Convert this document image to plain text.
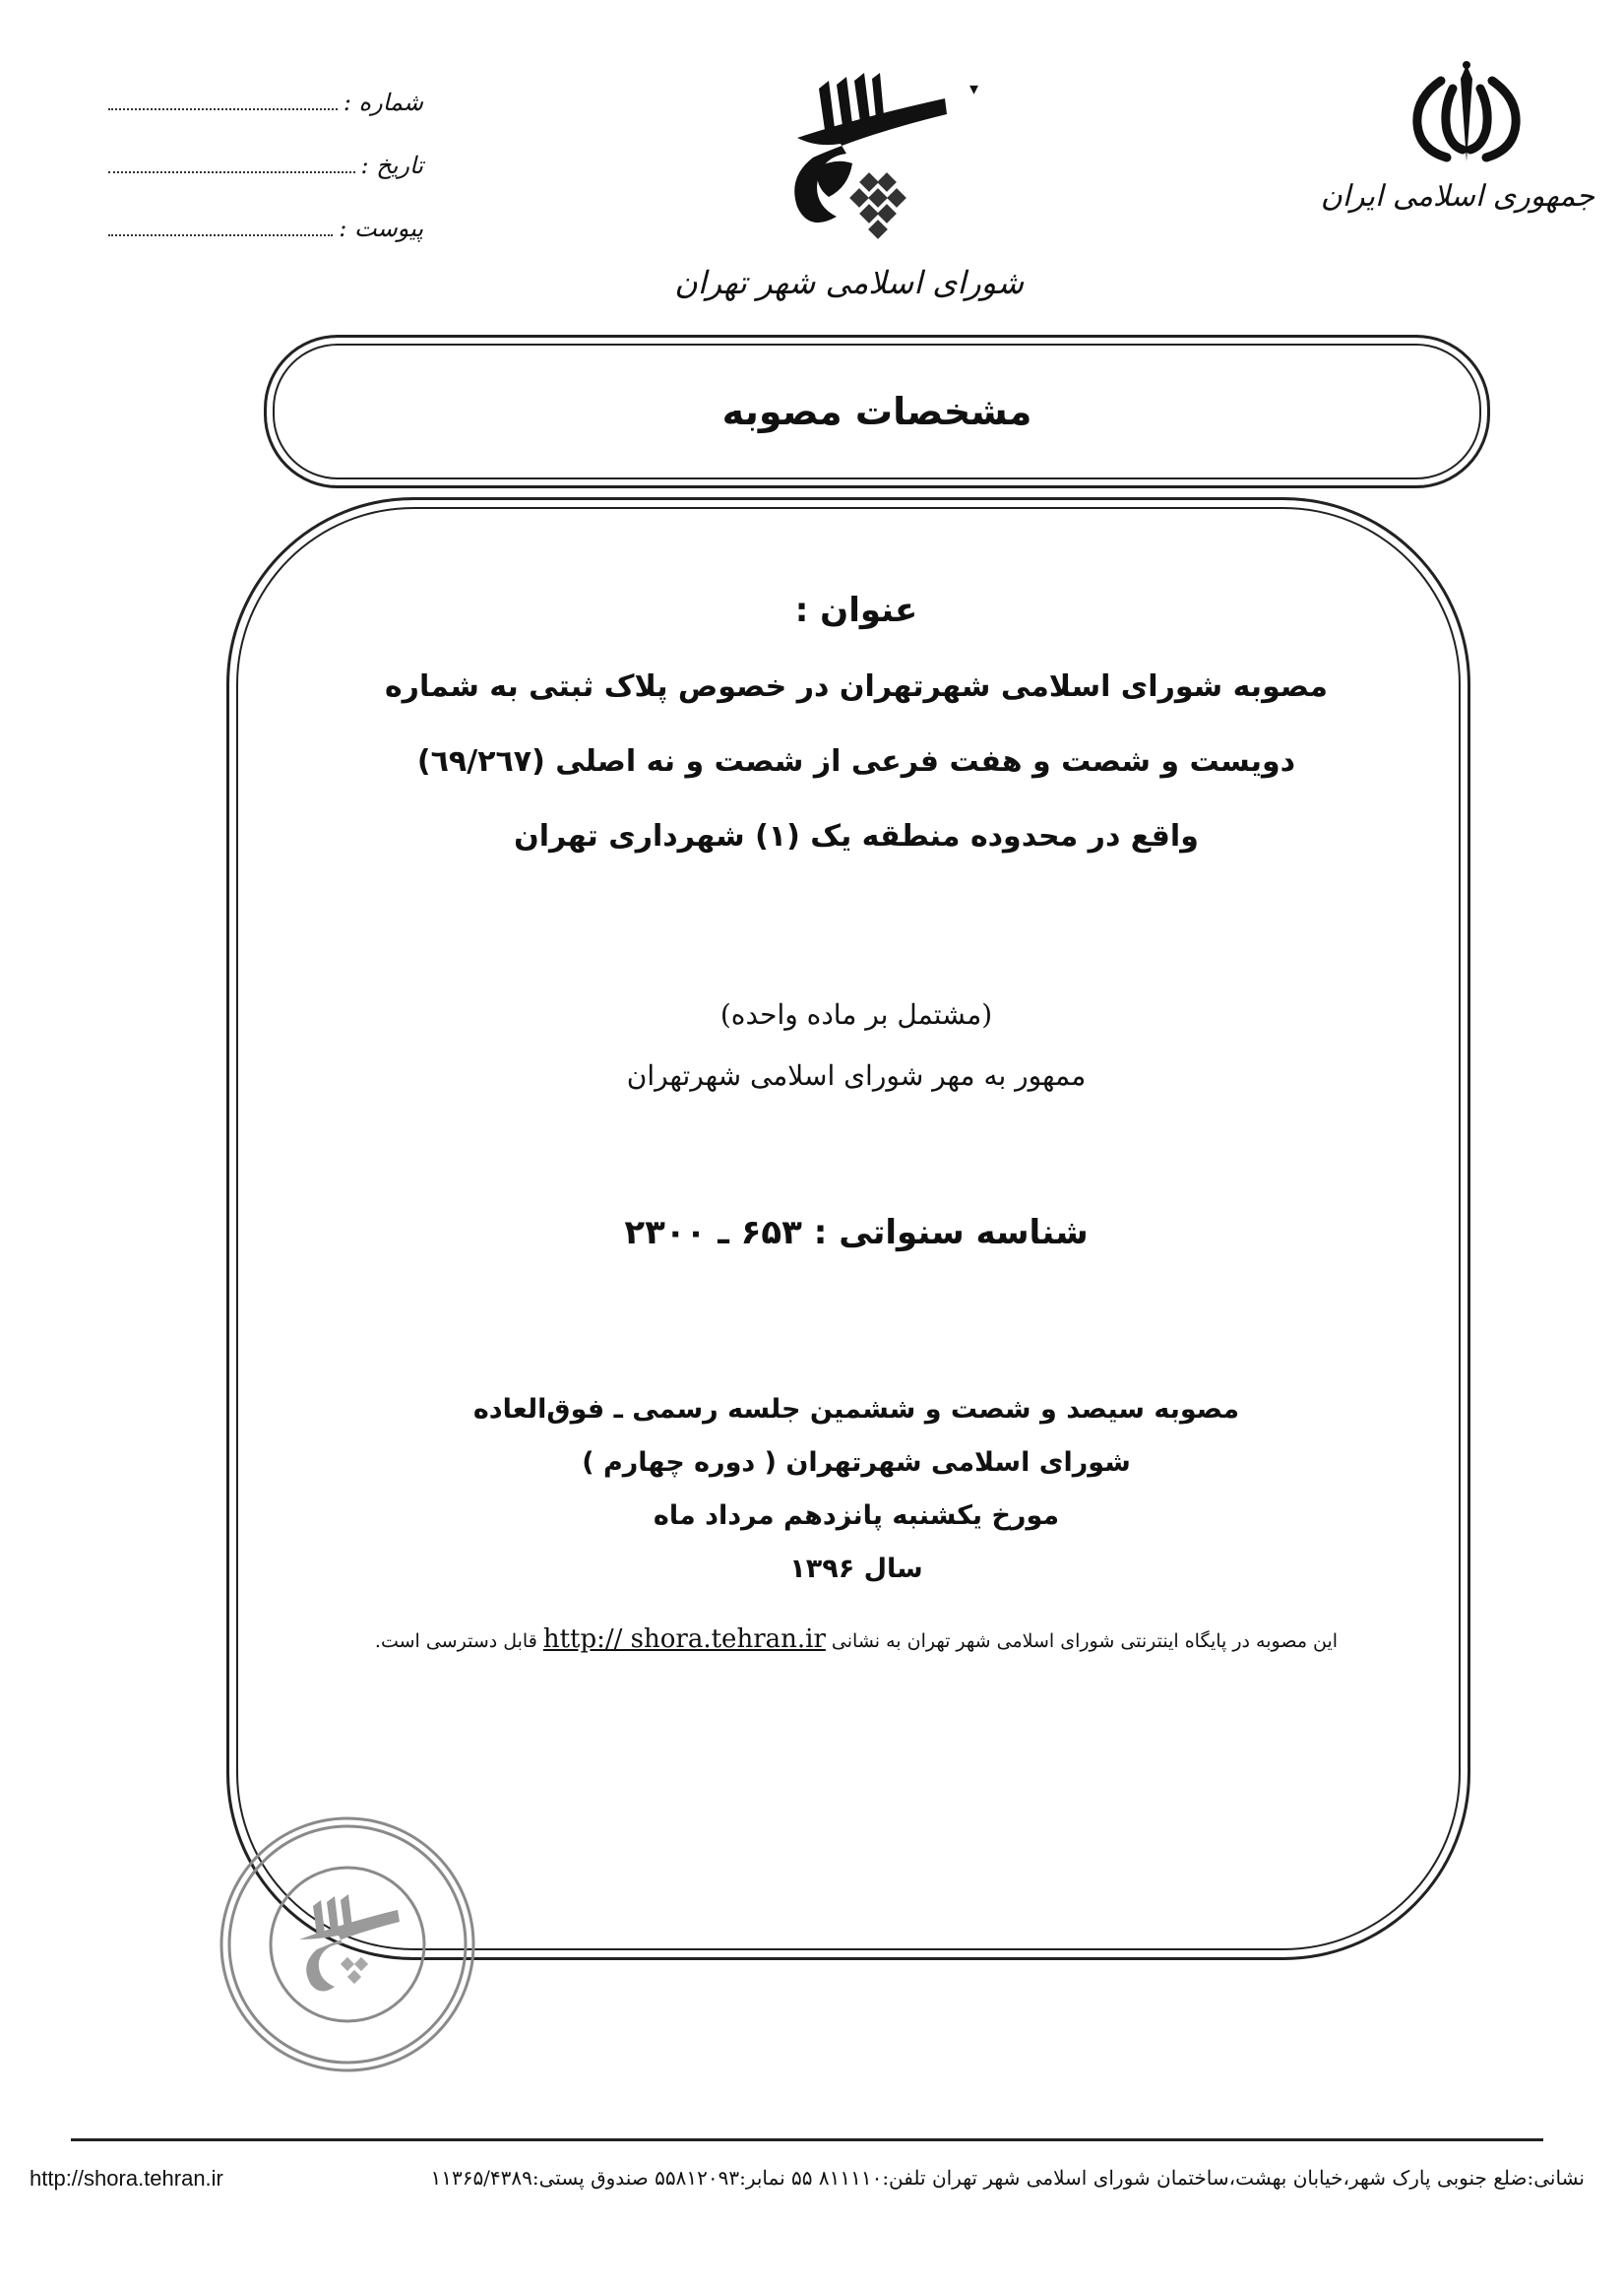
شماره :
تاریخ :
پیوست :
شورای اسلامی شهر تهران
▾
جمهوری اسلامی ایران
مشخصات مصوبه
عنوان :
مصوبه شورای اسلامی شهرتهران در خصوص پلاک ثبتی به شماره
دویست و شصت و هفت فرعی از شصت و نه اصلی (٦٩/٢٦٧)
واقع در محدوده منطقه یک (۱) شهرداری تهران
(مشتمل بر ماده واحده)
ممهور به مهر شورای اسلامی شهرتهران
شناسه سنواتی : ۶۵۳ ـ ۲۳۰۰
مصوبه سیصد و شصت و ششمین جلسه رسمی ـ فوق‌العاده
شورای اسلامی شهرتهران ( دوره چهارم )
مورخ یکشنبه پانزدهم مرداد ماه
سال ۱۳۹۶
این مصوبه در پایگاه اینترنتی شورای اسلامی شهر تهران به نشانی http:// shora.tehran.ir قابل دسترسی است.
http://shora.tehran.ir	نشانی:ضلع جنوبی پارک شهر،خیابان بهشت،ساختمان شورای اسلامی شهر تهران تلفن:۸۱۱۱۱۰ ۵۵ نمابر:۵۵۸۱۲۰۹۳ صندوق پستی:۱۱۳۶۵/۴۳۸۹
